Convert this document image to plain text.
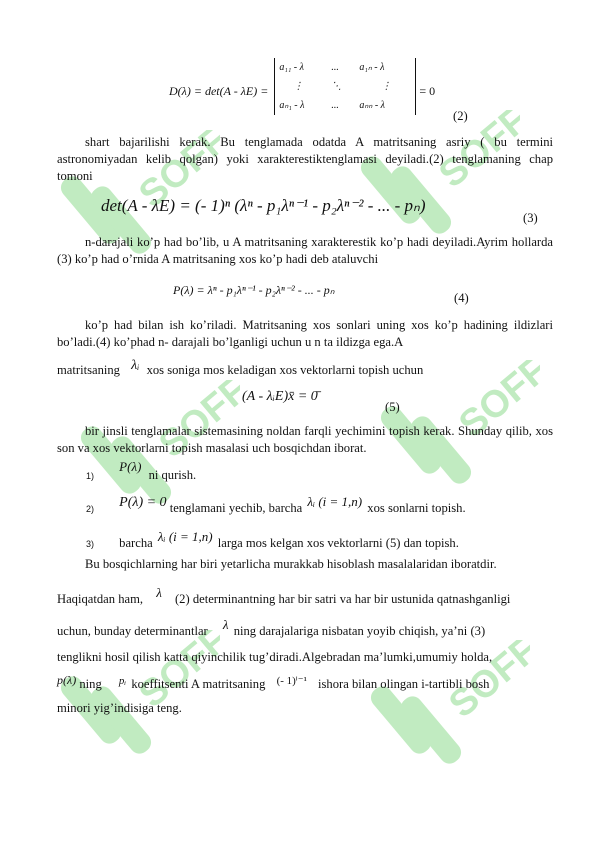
SOFF	SOFF
SOFF	SOFF
SOFF	SOFF
D(λ) = det(A - λE) =
a₁₁ - λ	...	a₁ₙ - λ
⋮	⋱	⋮
aₙ₁ - λ	...	aₙₙ - λ
= 0
(2)

shart bajarilishi kerak. Bu tenglamada odatda A matritsaning asriy ( bu termini astronomiyadan kelib qolgan) yoki xarakterestiktenglamasi deyiladi.(2) tenglamaning chap tomoni

det(A - λE) = (- 1)ⁿ (λⁿ - p₁λⁿ⁻¹ - p₂λⁿ⁻² - ... - pₙ)
(3)

n-darajali ko’p had bo’lib, u A matritsaning xarakterestik ko’p hadi deyiladi.Ayrim hollarda (3) ko’p had o’rnida A matritsaning xos ko’p hadi deb ataluvchi

P(λ) = λⁿ - p₁λⁿ⁻¹ - p₂λⁿ⁻² - ... - pₙ
(4)

ko’p had bilan ish ko’riladi. Matritsaning xos sonlari uning xos ko’p hadining ildizlari bo’ladi.(4) ko’phad n- darajali bo’lganligi uchun u n ta ildizga ega.A

matritsaning λᵢ xos soniga mos keladigan xos vektorlarni topish uchun
(A - λᵢE)x̄ = 0̄
(5)

bir jinsli tenglamalar sistemasining noldan farqli yechimini topish kerak. Shunday qilib, xos son va xos vektorlarni topish masalasi uch bosqichdan iborat.

1) P(λ) ni qurish.
2) P(λ) = 0 tenglamani yechib, barcha λᵢ (i = 1,n) xos sonlarni topish.
3) barcha λᵢ (i = 1,n) larga mos kelgan xos vektorlarni (5) dan topish.

Bu bosqichlarning har biri yetarlicha murakkab hisoblash masalalaridan iboratdir.

Haqiqatdan ham, λ (2) determinantning har bir satri va har bir ustunida qatnashganligi
uchun, bunday determinantlar λ ning darajalariga nisbatan yoyib chiqish, ya’ni (3)
tenglikni hosil qilish katta qiyinchilik tug’diradi.Algebradan ma’lumki,umumiy holda,
p(λ) ning pᵢ koeffitsenti A matritsaning (- 1)ⁱ⁻¹ ishora bilan olingan i-tartibli bosh
minori yig’indisiga teng.
